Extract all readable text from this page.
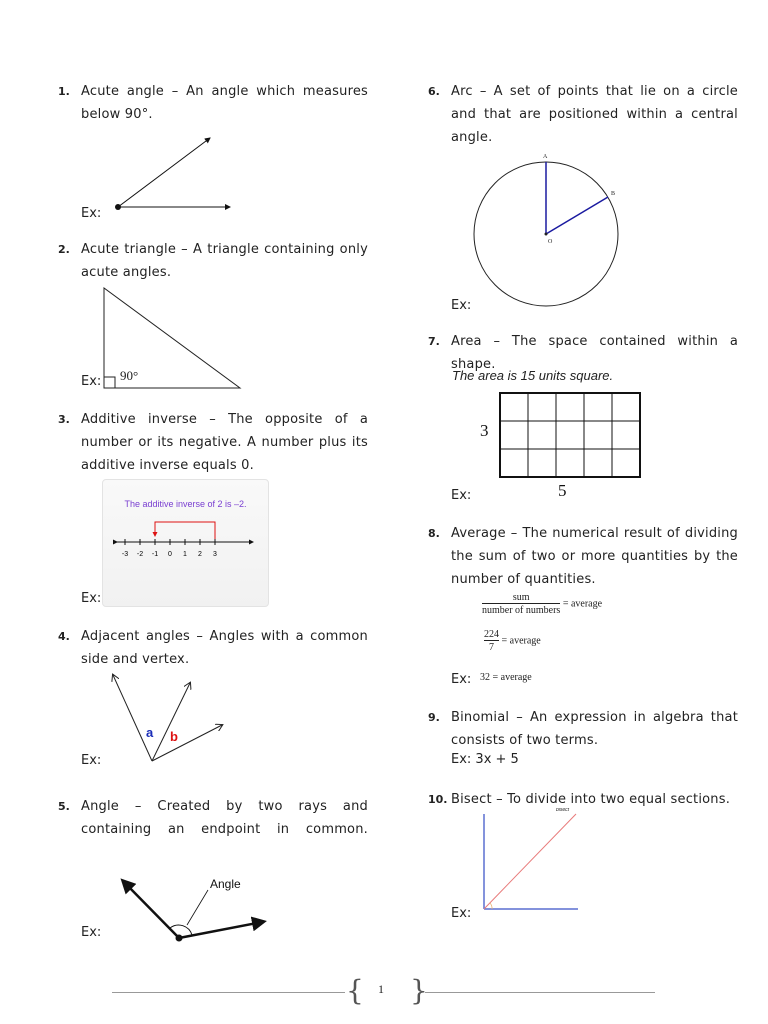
1. Acute angle – An angle which measures below 90°.
Ex:
2. Acute triangle – A triangle containing only acute angles.
Ex: 90°
3. Additive inverse – The opposite of a number or its negative. A number plus its additive inverse equals 0.
Ex:
The additive inverse of 2 is –2.
-3 -2 -1 0 1 2 3
4. Adjacent angles – Angles with a common side and vertex.
Ex:
a b
5. Angle – Created by two rays and containing an endpoint in common.
Ex:
Angle
6. Arc – A set of points that lie on a circle and that are positioned within a central angle.
Ex:
A
B
O
7. Area – The space contained within a shape.
The area is 15 units square.
Ex:
3
5
8. Average – The numerical result of dividing the sum of two or more quantities by the number of quantities.
Ex:
sum
number of numbers
= average
$\frac{224}{7}$ = average
32 = average
9. Binomial – An expression in algebra that consists of two terms.
Ex: 3x + 5
10. Bisect – To divide into two equal sections.
Ex:
bisect
{ }
1
